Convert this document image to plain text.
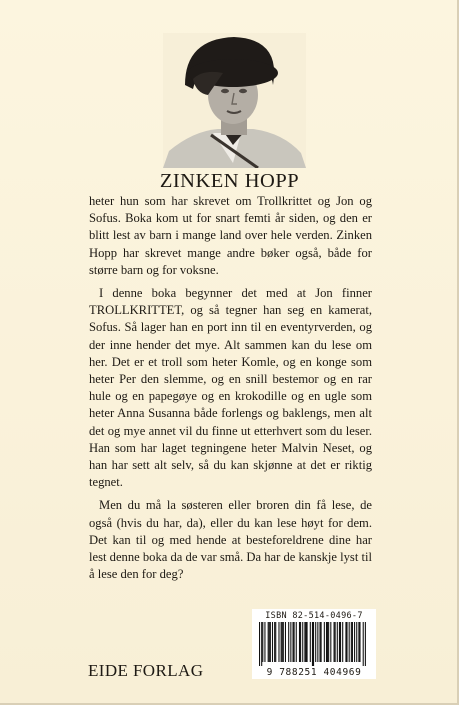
ZINKEN HOPP

heter hun som har skrevet om Trollkrittet og Jon og Sofus. Boka kom ut for snart femti år siden, og den er blitt lest av barn i mange land over hele verden. Zinken Hopp har skrevet mange andre bøker også, både for større barn og for voksne.

I denne boka begynner det med at Jon finner TROLLKRITTET, og så tegner han seg en kamerat, Sofus. Så lager han en port inn til en eventyrverden, og der inne hender det mye. Alt sammen kan du lese om her. Det er et troll som heter Komle, og en konge som heter Per den slemme, og en snill bestemor og en rar hule og en papegøye og en krokodille og en ugle som heter Anna Susanna både forlengs og baklengs, men alt det og mye annet vil du finne ut etterhvert som du leser. Han som har laget tegningene heter Malvin Neset, og han har sett alt selv, så du kan skjønne at det er riktig tegnet.

Men du må la søsteren eller broren din få lese, de også (hvis du har, da), eller du kan lese høyt for dem. Det kan til og med hende at besteforeldrene dine har lest denne boka da de var små. Da har de kanskje lyst til å lese den for deg?

ISBN 82-514-0496-7
9 788251 404969
EIDE FORLAG
